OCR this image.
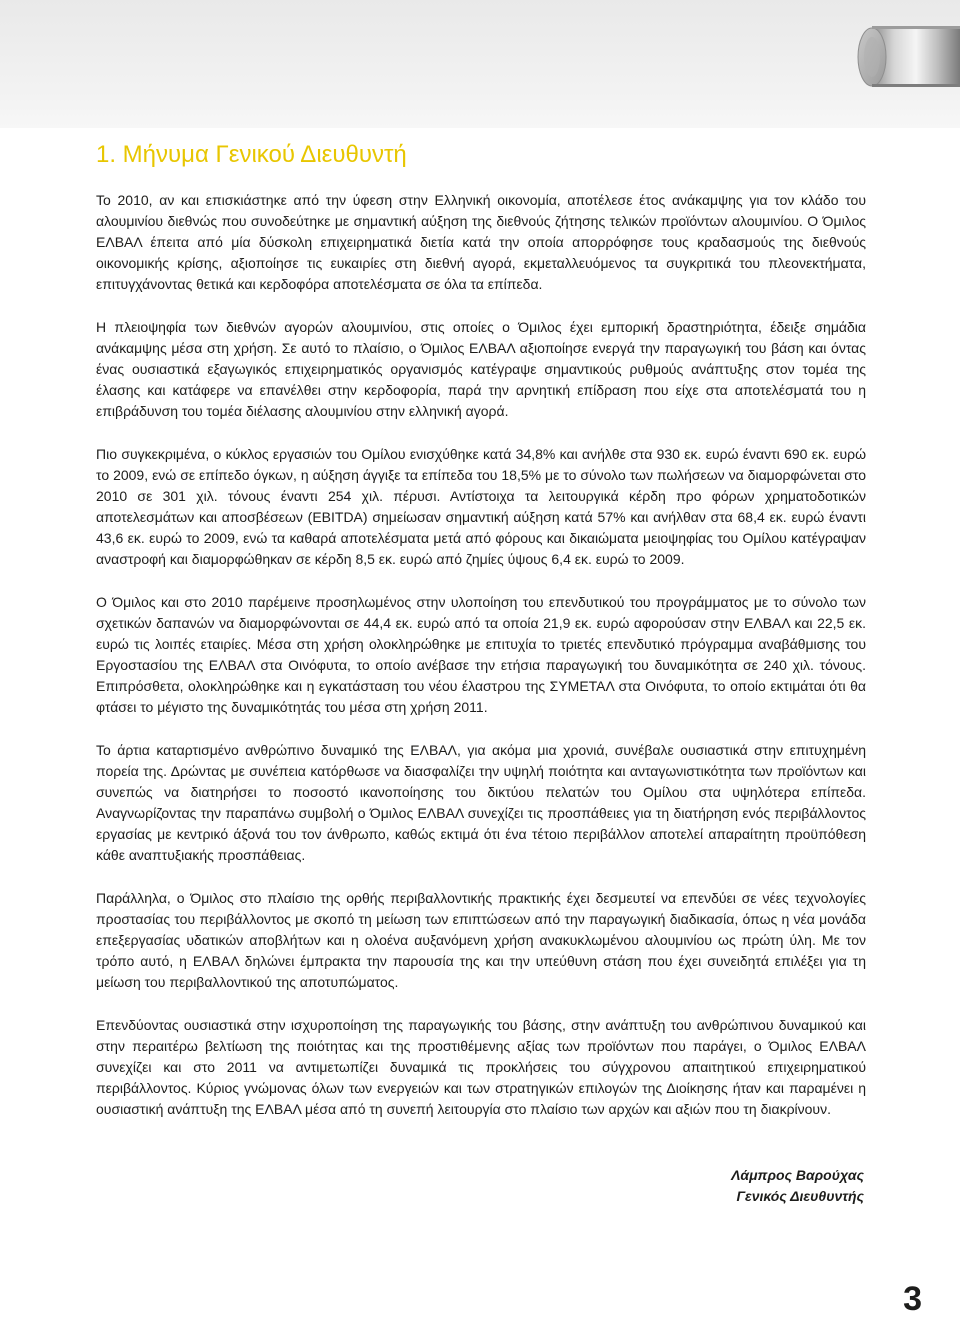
1. Μήνυμα Γενικού Διευθυντή

Το 2010, αν και επισκιάστηκε από την ύφεση στην Ελληνική οικονομία, αποτέλεσε έτος ανάκαμψης για τον κλάδο του αλουμινίου διεθνώς που συνοδεύτηκε με σημαντική αύξηση της διεθνούς ζήτησης τελικών προϊόντων αλουμινίου. Ο Όμιλος ΕΛΒΑΛ έπειτα από μία δύσκολη επιχειρηματικά διετία κατά την οποία απορρόφησε τους κραδασμούς της διεθνούς οικονομικής κρίσης, αξιοποίησε τις ευκαιρίες στη διεθνή αγορά, εκμεταλλευόμενος τα συγκριτικά του πλεονεκτήματα, επιτυγχάνοντας θετικά και κερδοφόρα αποτελέσματα σε όλα τα επίπεδα.

Η πλειοψηφία των διεθνών αγορών αλουμινίου, στις οποίες ο Όμιλος έχει εμπορική δραστηριότητα, έδειξε σημάδια ανάκαμψης μέσα στη χρήση. Σε αυτό το πλαίσιο, ο Όμιλος ΕΛΒΑΛ αξιοποίησε ενεργά την παραγωγική του βάση και όντας ένας ουσιαστικά εξαγωγικός επιχειρηματικός οργανισμός κατέγραψε σημαντικούς ρυθμούς ανάπτυξης στον τομέα της έλασης και κατάφερε να επανέλθει στην κερδοφορία, παρά την αρνητική επίδραση που είχε στα αποτελέσματά του η επιβράδυνση του τομέα διέλασης αλουμινίου στην ελληνική αγορά.

Πιο συγκεκριμένα, ο κύκλος εργασιών του Ομίλου ενισχύθηκε κατά 34,8% και ανήλθε στα 930 εκ. ευρώ έναντι 690 εκ. ευρώ το 2009, ενώ σε επίπεδο όγκων, η αύξηση άγγιξε τα επίπεδα του 18,5% με το σύνολο των πωλήσεων να διαμορφώνεται στο 2010 σε 301 χιλ. τόνους έναντι 254 χιλ. πέρυσι. Αντίστοιχα τα λειτουργικά κέρδη προ φόρων χρηματοδοτικών αποτελεσμάτων και αποσβέσεων (EBITDA) σημείωσαν σημαντική αύξηση κατά 57% και ανήλθαν στα 68,4 εκ. ευρώ έναντι 43,6 εκ. ευρώ το 2009, ενώ τα καθαρά αποτελέσματα μετά από φόρους και δικαιώματα μειοψηφίας του Ομίλου κατέγραψαν αναστροφή και διαμορφώθηκαν σε κέρδη 8,5 εκ. ευρώ από ζημίες ύψους 6,4 εκ. ευρώ το 2009.

Ο Όμιλος και στο 2010 παρέμεινε προσηλωμένος στην υλοποίηση του επενδυτικού του προγράμματος με το σύνολο των σχετικών δαπανών να διαμορφώνονται σε 44,4 εκ. ευρώ από τα οποία 21,9 εκ. ευρώ αφορούσαν στην ΕΛΒΑΛ και 22,5 εκ. ευρώ τις λοιπές εταιρίες. Μέσα στη χρήση ολοκληρώθηκε με επιτυχία το τριετές επενδυτικό πρόγραμμα αναβάθμισης του Εργοστασίου της ΕΛΒΑΛ στα Οινόφυτα, το οποίο ανέβασε την ετήσια παραγωγική του δυναμικότητα σε 240 χιλ. τόνους. Επιπρόσθετα, ολοκληρώθηκε και η εγκατάσταση του νέου έλαστρου της ΣΥΜΕΤΑΛ στα Οινόφυτα, το οποίο εκτιμάται ότι θα φτάσει το μέγιστο της δυναμικότητάς του μέσα στη χρήση 2011.

Το άρτια καταρτισμένο ανθρώπινο δυναμικό της ΕΛΒΑΛ, για ακόμα μια χρονιά, συνέβαλε ουσιαστικά στην επιτυχημένη πορεία της. Δρώντας με συνέπεια κατόρθωσε να διασφαλίζει την υψηλή ποιότητα και ανταγωνιστικότητα των προϊόντων και συνεπώς να διατηρήσει το ποσοστό ικανοποίησης του δικτύου πελατών του Ομίλου στα υψηλότερα επίπεδα. Αναγνωρίζοντας την παραπάνω συμβολή ο Όμιλος ΕΛΒΑΛ συνεχίζει τις προσπάθειες για τη διατήρηση ενός περιβάλλοντος εργασίας με κεντρικό άξονά του τον άνθρωπο, καθώς εκτιμά ότι ένα τέτοιο περιβάλλον αποτελεί απαραίτητη προϋπόθεση κάθε αναπτυξιακής προσπάθειας.

Παράλληλα, ο Όμιλος στο πλαίσιο της ορθής περιβαλλοντικής πρακτικής έχει δεσμευτεί να επενδύει σε νέες τεχνολογίες προστασίας του περιβάλλοντος με σκοπό τη μείωση των επιπτώσεων από την παραγωγική διαδικασία, όπως η νέα μονάδα επεξεργασίας υδατικών αποβλήτων και η ολοένα αυξανόμενη χρήση ανακυκλωμένου αλουμινίου ως πρώτη ύλη. Με τον τρόπο αυτό, η ΕΛΒΑΛ δηλώνει έμπρακτα την παρουσία της και την υπεύθυνη στάση που έχει συνειδητά επιλέξει για τη μείωση του περιβαλλοντικού της αποτυπώματος.

Επενδύοντας ουσιαστικά στην ισχυροποίηση της παραγωγικής του βάσης, στην ανάπτυξη του ανθρώπινου δυναμικού και στην περαιτέρω βελτίωση της ποιότητας και της προστιθέμενης αξίας των προϊόντων που παράγει, ο Όμιλος ΕΛΒΑΛ συνεχίζει και στο 2011 να αντιμετωπίζει δυναμικά τις προκλήσεις του σύγχρονου απαιτητικού επιχειρηματικού περιβάλλοντος. Κύριος γνώμονας όλων των ενεργειών και των στρατηγικών επιλογών της Διοίκησης ήταν και παραμένει η ουσιαστική ανάπτυξη της ΕΛΒΑΛ μέσα από τη συνεπή λειτουργία στο πλαίσιο των αρχών και αξιών που τη διακρίνουν.

Λάμπρος Βαρούχας
Γενικός Διευθυντής
3
